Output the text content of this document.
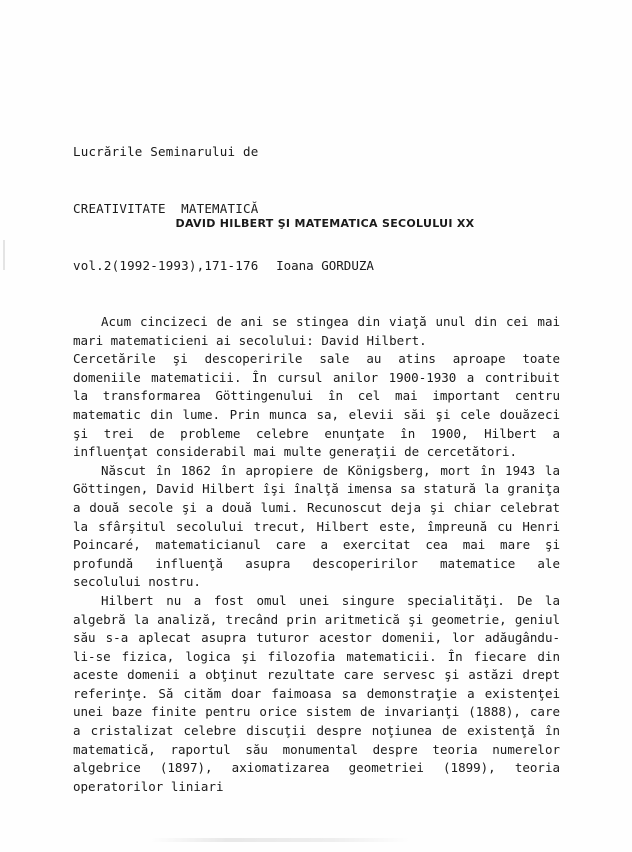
Lucrările Seminarului de

CREATIVITATE  MATEMATICĂ

vol.2(1992-1993),171-176

DAVID HILBERT ŞI MATEMATICA SECOLULUI XX
Ioana GORDUZA

Acum cincizeci de ani se stingea din viaţă unul din cei mai mari matematicieni ai secolului: David Hilbert.

Cercetările şi descoperirile sale au atins aproape toate domeniile matematicii. În cursul anilor 1900-1930 a contribuit la transformarea Göttingenului în cel mai important centru matematic din lume. Prin munca sa, elevii săi şi cele douăzeci şi trei de probleme celebre enunţate în 1900, Hilbert a influenţat considerabil mai multe generaţii de cercetători.

Născut în 1862 în apropiere de Königsberg, mort în 1943 la Göttingen, David Hilbert îşi înalţă imensa sa statură la graniţa a două secole şi a două lumi. Recunoscut deja şi chiar celebrat la sfârşitul secolului trecut, Hilbert este, împreună cu Henri Poincaré, matematicianul care a exercitat cea mai mare şi profundă influenţă asupra descoperirilor matematice ale secolului nostru.

Hilbert nu a fost omul unei singure specialităţi. De la algebră la analiză, trecând prin aritmetică şi geometrie, geniul său s-a aplecat asupra tuturor acestor domenii, lor adăugându-li-se fizica, logica şi filozofia matematicii. În fiecare din aceste domenii a obţinut rezultate care servesc şi astăzi drept referinţe. Să cităm doar faimoasa sa demonstraţie a existenţei unei baze finite pentru orice sistem de invarianţi (1888), care a cristalizat celebre discuţii despre noţiunea de existenţă în matematică, raportul său monumental despre teoria numerelor algebrice (1897), axiomatizarea geometriei (1899), teoria operatorilor liniari
